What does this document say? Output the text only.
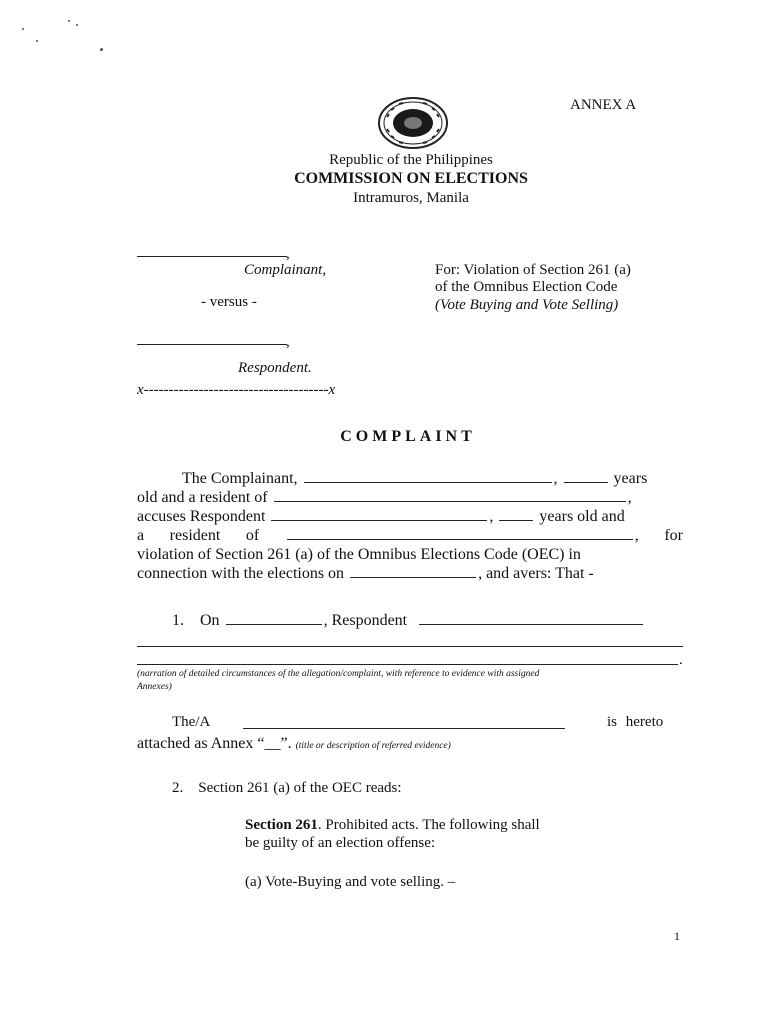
ANNEX A
Republic of the Philippines
COMMISSION ON ELECTIONS
Intramuros, Manila
,
Complainant,
- versus -
,
Respondent.
x-------------------------------------x
For: Violation of Section 261 (a)
of the Omnibus Election Code
(Vote Buying and Vote Selling)
COMPLAINT
The Complainant,	,	years
old and a resident of	,
accuses Respondent	,	years old and
a resident of	, for
violation of Section 261 (a) of the Omnibus Elections Code (OEC) in
connection with the elections on	, and avers: That -
1. On	, Respondent
.
(narration of detailed circumstances of the allegation/complaint, with reference to evidence with assigned
Annexes)
The/A	is hereto
attached as Annex “__”. (title or description of referred evidence)
2. Section 261 (a) of the OEC reads:
Section 261. Prohibited acts. The following shall
be guilty of an election offense:
(a) Vote-Buying and vote selling. –
1
